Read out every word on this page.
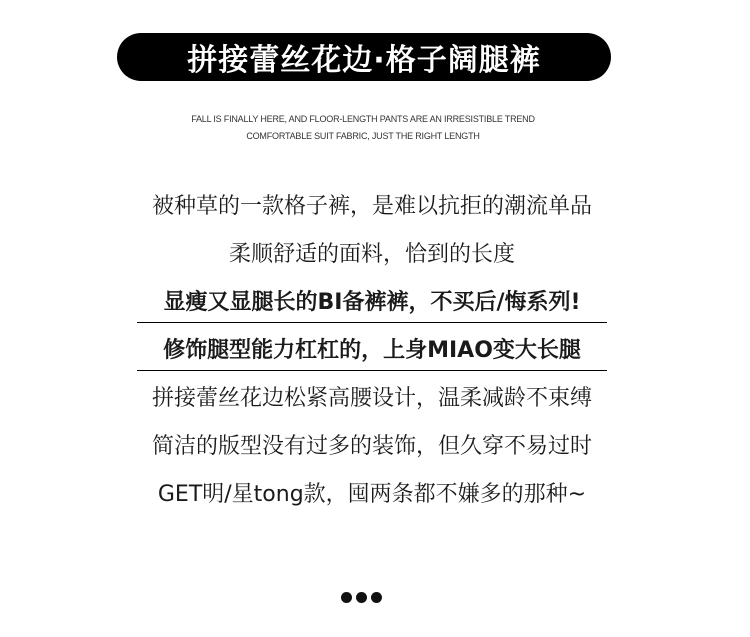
拼接蕾丝花边·格子阔腿裤
FALL IS FINALLY HERE, AND FLOOR-LENGTH PANTS ARE AN IRRESISTIBLE TREND
COMFORTABLE SUIT FABRIC, JUST THE RIGHT LENGTH
被种草的一款格子裤，是难以抗拒的潮流单品
柔顺舒适的面料，恰到的长度
显瘦又显腿长的BI备裤裤，不买后/悔系列!
修饰腿型能力杠杠的，上身MIAO变大长腿
拼接蕾丝花边松紧高腰设计，温柔减龄不束缚
简洁的版型没有过多的装饰，但久穿不易过时
GET明/星tong款，囤两条都不嫌多的那种~
